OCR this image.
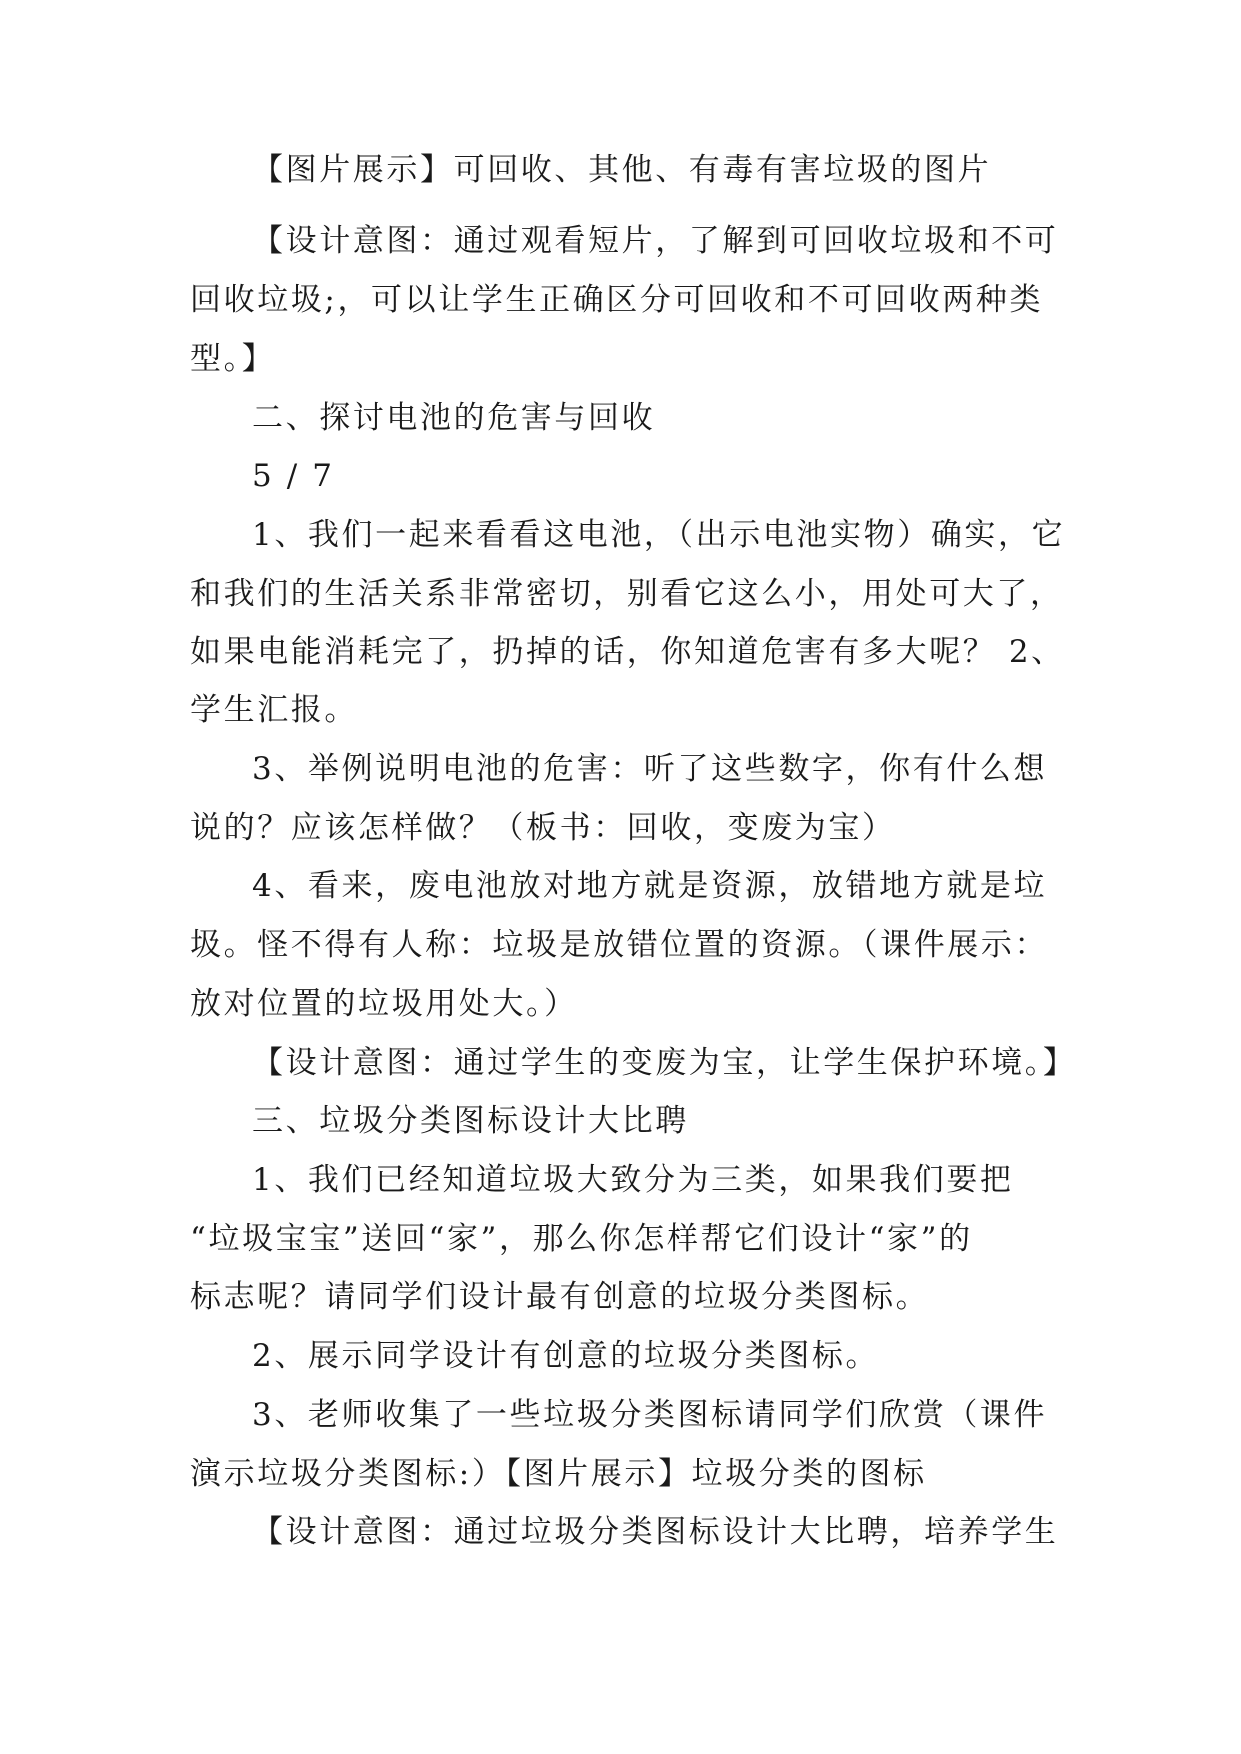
【图片展示】可回收、其他、有毒有害垃圾的图片
【设计意图：通过观看短片，了解到可回收垃圾和不可
回收垃圾;，可以让学生正确区分可回收和不可回收两种类
型。】
二、探讨电池的危害与回收
5 / 7
1、我们一起来看看这电池，（出示电池实物）确实，它
和我们的生活关系非常密切，别看它这么小，用处可大了，
如果电能消耗完了，扔掉的话，你知道危害有多大呢？ 2、
学生汇报。
3、举例说明电池的危害：听了这些数字，你有什么想
说的？应该怎样做？（板书：回收，变废为宝）
4、看来，废电池放对地方就是资源，放错地方就是垃
圾。怪不得有人称：垃圾是放错位置的资源。（课件展示：
放对位置的垃圾用处大。）
【设计意图：通过学生的变废为宝，让学生保护环境。】
三、垃圾分类图标设计大比聘
1、我们已经知道垃圾大致分为三类，如果我们要把
“垃圾宝宝”送回“家”，那么你怎样帮它们设计“家”的
标志呢？请同学们设计最有创意的垃圾分类图标。
2、展示同学设计有创意的垃圾分类图标。
3、老师收集了一些垃圾分类图标请同学们欣赏（课件
演示垃圾分类图标:）【图片展示】垃圾分类的图标
【设计意图：通过垃圾分类图标设计大比聘，培养学生
